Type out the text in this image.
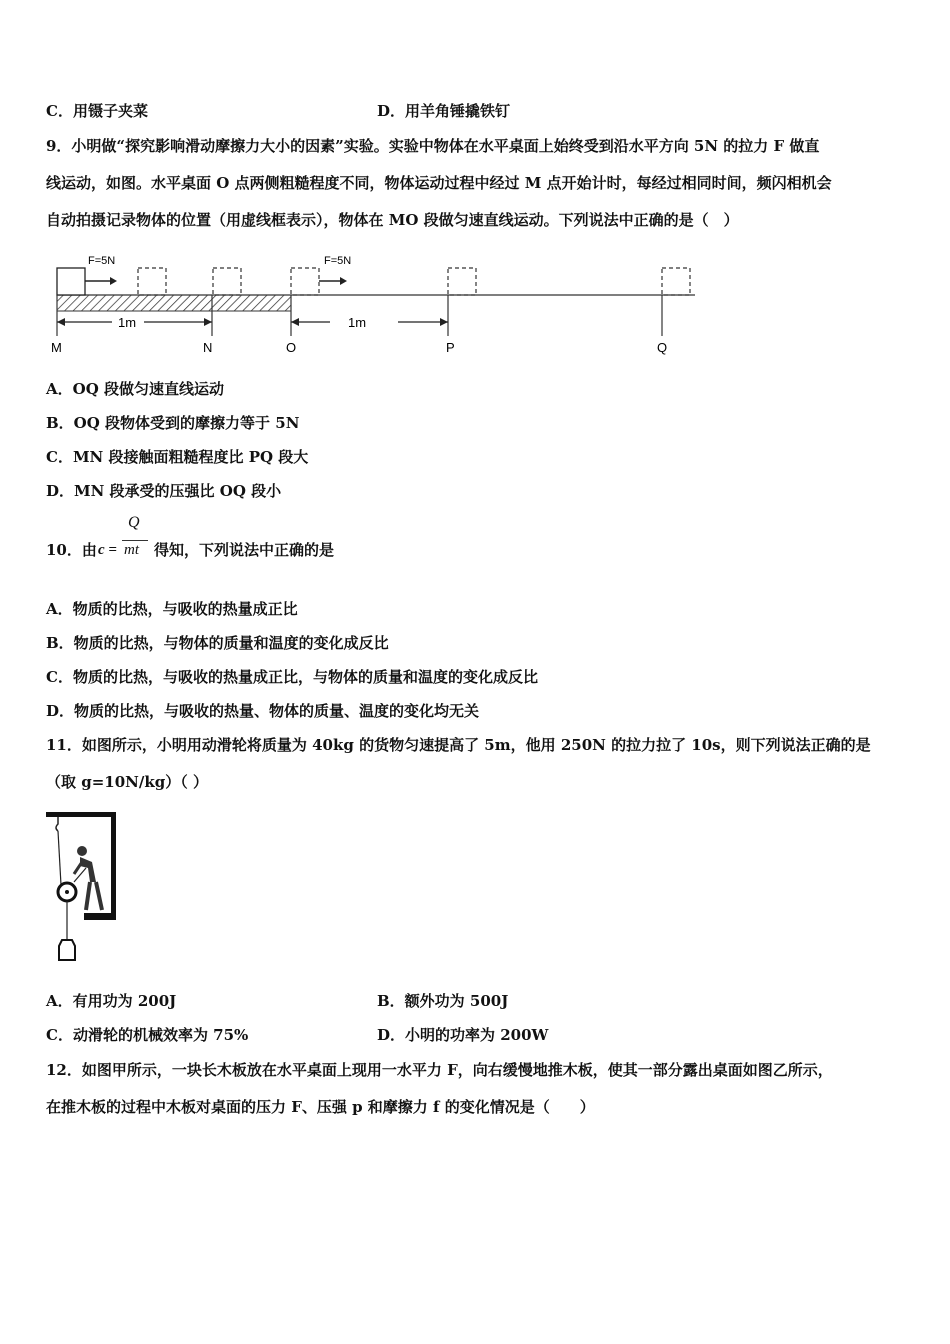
C．用镊子夹菜	D．用羊角锤撬铁钉
9．小明做“探究影响滑动摩擦力大小的因素”实验。实验中物体在水平桌面上始终受到沿水平方向 5N 的拉力 F 做直
线运动，如图。水平桌面 O 点两侧粗糙程度不同，物体运动过程中经过 M 点开始计时，每经过相同时间，频闪相机会
自动拍摄记录物体的位置（用虚线框表示），物体在 MO 段做匀速直线运动。下列说法中正确的是（　）
F=5N	F=5N
1m	1m
M	N	O	P	Q
A．OQ 段做匀速直线运动
B．OQ 段物体受到的摩擦力等于 5N
C．MN 段接触面粗糙程度比 PQ 段大
D．MN 段承受的压强比 OQ 段小
10．由 c =
Q
mt 得知，下列说法中正确的是
A．物质的比热，与吸收的热量成正比
B．物质的比热，与物体的质量和温度的变化成反比
C．物质的比热，与吸收的热量成正比，与物体的质量和温度的变化成反比
D．物质的比热，与吸收的热量、物体的质量、温度的变化均无关
11．如图所示，小明用动滑轮将质量为 40kg 的货物匀速提高了 5m，他用 250N 的拉力拉了 10s，则下列说法正确的是
（取 g=10N/kg）（ ）
A．有用功为 200J	B．额外功为 500J
C．动滑轮的机械效率为 75%	D．小明的功率为 200W
12．如图甲所示，一块长木板放在水平桌面上现用一水平力 F，向右缓慢地推木板，使其一部分露出桌面如图乙所示，
在推木板的过程中木板对桌面的压力 F、压强 p 和摩擦力 f 的变化情况是（　　）
